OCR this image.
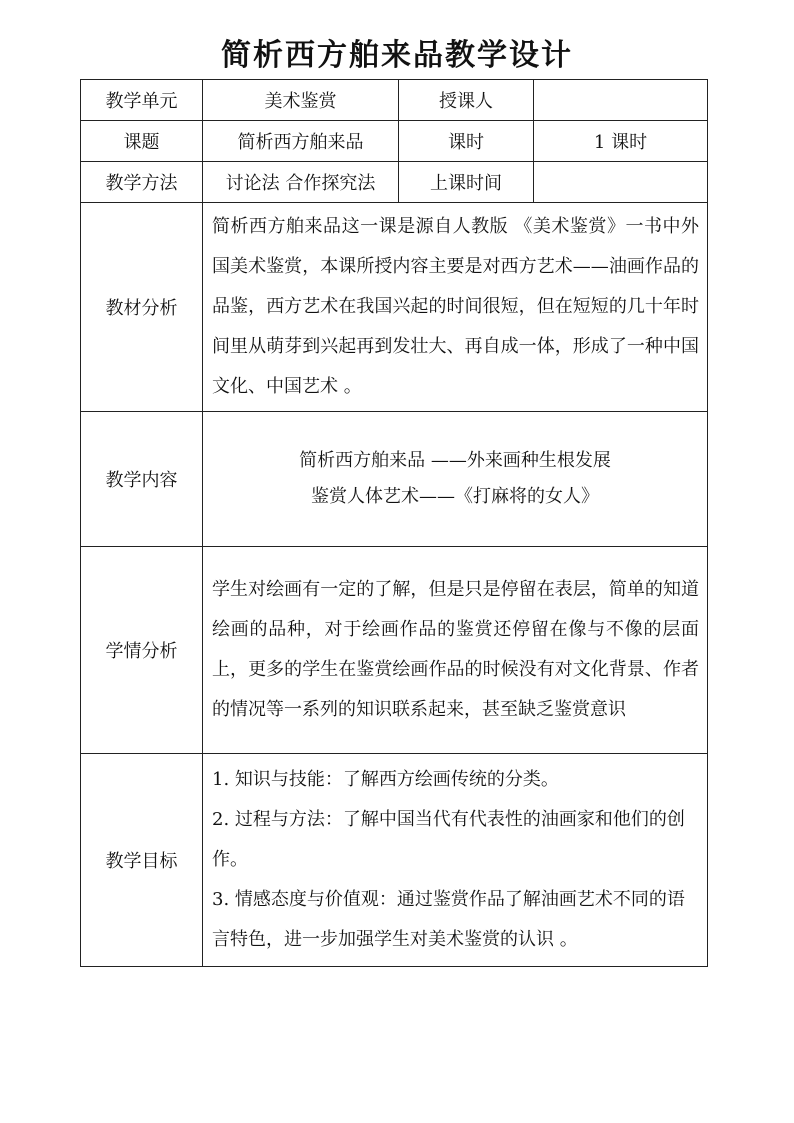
简析西方舶来品教学设计
教学单元	美术鉴赏	授课人	
课题	简析西方舶来品	课时	1 课时
教学方法	讨论法 合作探究法	上课时间	
教材分析	简析西方舶来品这一课是源自人教版 《美术鉴赏》一书中外国美术鉴赏，本课所授内容主要是对西方艺术——油画作品的品鉴，西方艺术在我国兴起的时间很短，但在短短的几十年时间里从萌芽到兴起再到发壮大、再自成一体，形成了一种中国文化、中国艺术 。		
教学内容	简析西方舶来品 ——外来画种生根发展
鉴赏人体艺术——《打麻将的女人》		

学情分析	学生对绘画有一定的了解，但是只是停留在表层，简单的知道绘画的品种，对于绘画作品的鉴赏还停留在像与不像的层面上，更多的学生在鉴赏绘画作品的时候没有对文化背景、作者的情况等一系列的知识联系起来，甚至缺乏鉴赏意识		
教学目标	1. 知识与技能：了解西方绘画传统的分类。
2. 过程与方法：了解中国当代有代表性的油画家和他们的创作。
3. 情感态度与价值观：通过鉴赏作品了解油画艺术不同的语言特色，进一步加强学生对美术鉴赏的认识 。		
